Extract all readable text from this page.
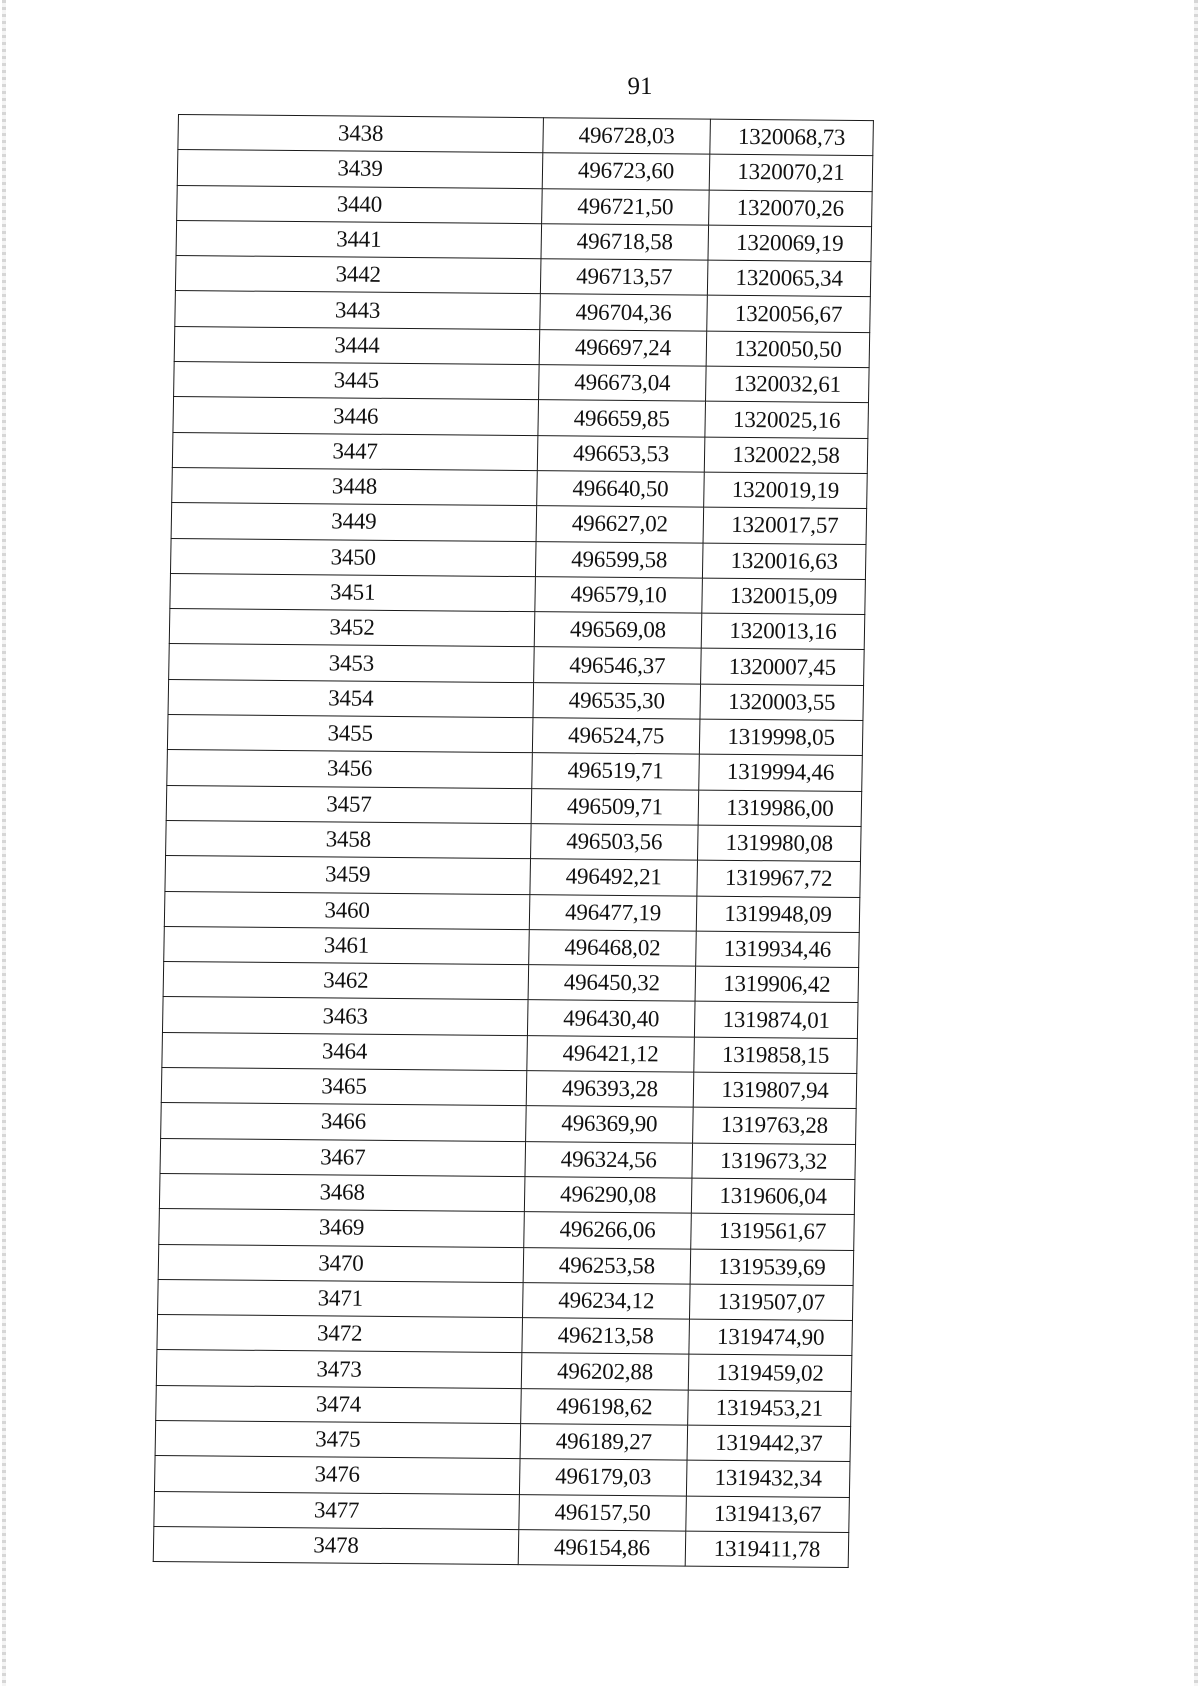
91
3438	496728,03	1320068,73
3439	496723,60	1320070,21
3440	496721,50	1320070,26
3441	496718,58	1320069,19
3442	496713,57	1320065,34
3443	496704,36	1320056,67
3444	496697,24	1320050,50
3445	496673,04	1320032,61
3446	496659,85	1320025,16
3447	496653,53	1320022,58
3448	496640,50	1320019,19
3449	496627,02	1320017,57
3450	496599,58	1320016,63
3451	496579,10	1320015,09
3452	496569,08	1320013,16
3453	496546,37	1320007,45
3454	496535,30	1320003,55
3455	496524,75	1319998,05
3456	496519,71	1319994,46
3457	496509,71	1319986,00
3458	496503,56	1319980,08
3459	496492,21	1319967,72
3460	496477,19	1319948,09
3461	496468,02	1319934,46
3462	496450,32	1319906,42
3463	496430,40	1319874,01
3464	496421,12	1319858,15
3465	496393,28	1319807,94
3466	496369,90	1319763,28
3467	496324,56	1319673,32
3468	496290,08	1319606,04
3469	496266,06	1319561,67
3470	496253,58	1319539,69
3471	496234,12	1319507,07
3472	496213,58	1319474,90
3473	496202,88	1319459,02
3474	496198,62	1319453,21
3475	496189,27	1319442,37
3476	496179,03	1319432,34
3477	496157,50	1319413,67
3478	496154,86	1319411,78
